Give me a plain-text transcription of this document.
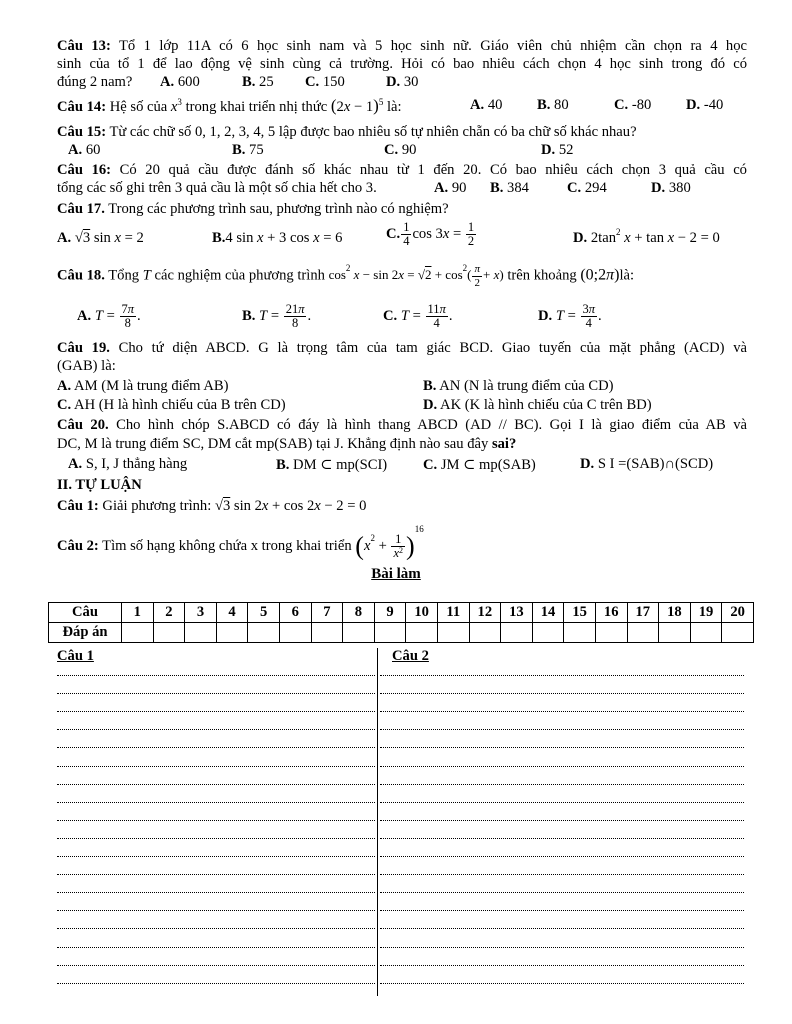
Câu 13: Tổ 1 lớp 11A có 6 học sinh nam và 5 học sinh nữ. Giáo viên chủ nhiệm cần chọn ra 4 học
sinh của tổ 1 để lao động vệ sinh cùng cả trường. Hỏi có bao nhiêu cách chọn 4 học sinh trong đó có
đúng 2 nam?	A. 600	B. 25 C. 150	D. 30
Câu 14: Hệ số của $x^3$ trong khai triển nhị thức $(2x - 1)^5$ là:	A. 40 B. 80	C. -80 D. -40
Câu 15: Từ các chữ số 0, 1, 2, 3, 4, 5 lập được bao nhiêu số tự nhiên chẵn có ba chữ số khác nhau?
A. 60	B. 75	C. 90	D. 52
Câu 16: Có 20 quả cầu được đánh số khác nhau từ 1 đến 20. Có bao nhiêu cách chọn 3 quả cầu có
tổng các số ghi trên 3 quả cầu là một số chia hết cho 3.	A. 90 B. 384	C. 294	D. 380
Câu 17. Trong các phương trình sau, phương trình nào có nghiệm?
A. √3 sin x = 2	B.4 sin x + 3 cos x = 6	C. $\frac{1}{4}$ $\cos 3x = \frac{1}{2}$	D. $2\tan^2$ x + tan x − 2 = 0
Câu 18. Tổng T các nghiệm của phương trình $\cos^2 x - \sin 2x = √2 + \cos^2( \frac{\pi}{2} + x)$ trên khoảng (0;2π)là:
A. $T = \frac{7\pi}{8}$ .	B. $T = \frac{21\pi}{8}$ .	C. $T = \frac{11\pi}{4}$ .	D. $T = \frac{3\pi}{4}$ .
Câu 19. Cho tứ diện ABCD. G là trọng tâm của tam giác BCD. Giao tuyến của mặt phẳng (ACD) và
(GAB) là:
A. AM (M là trung điểm AB)	B. AN (N là trung điểm của CD)
C. AH (H là hình chiếu của B trên CD)	D. AK (K là hình chiếu của C trên BD)
Câu 20. Cho hình chóp S.ABCD có đáy là hình thang ABCD (AD // BC). Gọi I là giao điểm của AB và
DC, M là trung điểm SC, DM cắt mp(SAB) tại J. Khẳng định nào sau đây sai?
A. S, I, J thẳng hàng	B. DM ⊂ mp(SCI) C. JM ⊂ mp(SAB)	D. S I =(SAB)∩(SCD)
II. TỰ LUẬN
Câu 1: Giải phương trình: √3 sin 2x + cos 2x − 2 = 0
Câu 2: Tìm số hạng không chứa x trong khai triển $(x^2 + \frac{1}{x^2} )^{16}$
Bài làm
Câu	1	2	3	4	5	6	7	8	9	10	11	12	13	14	15	16	17	18	19	20
Đáp án																				
Câu 1	Câu 2
